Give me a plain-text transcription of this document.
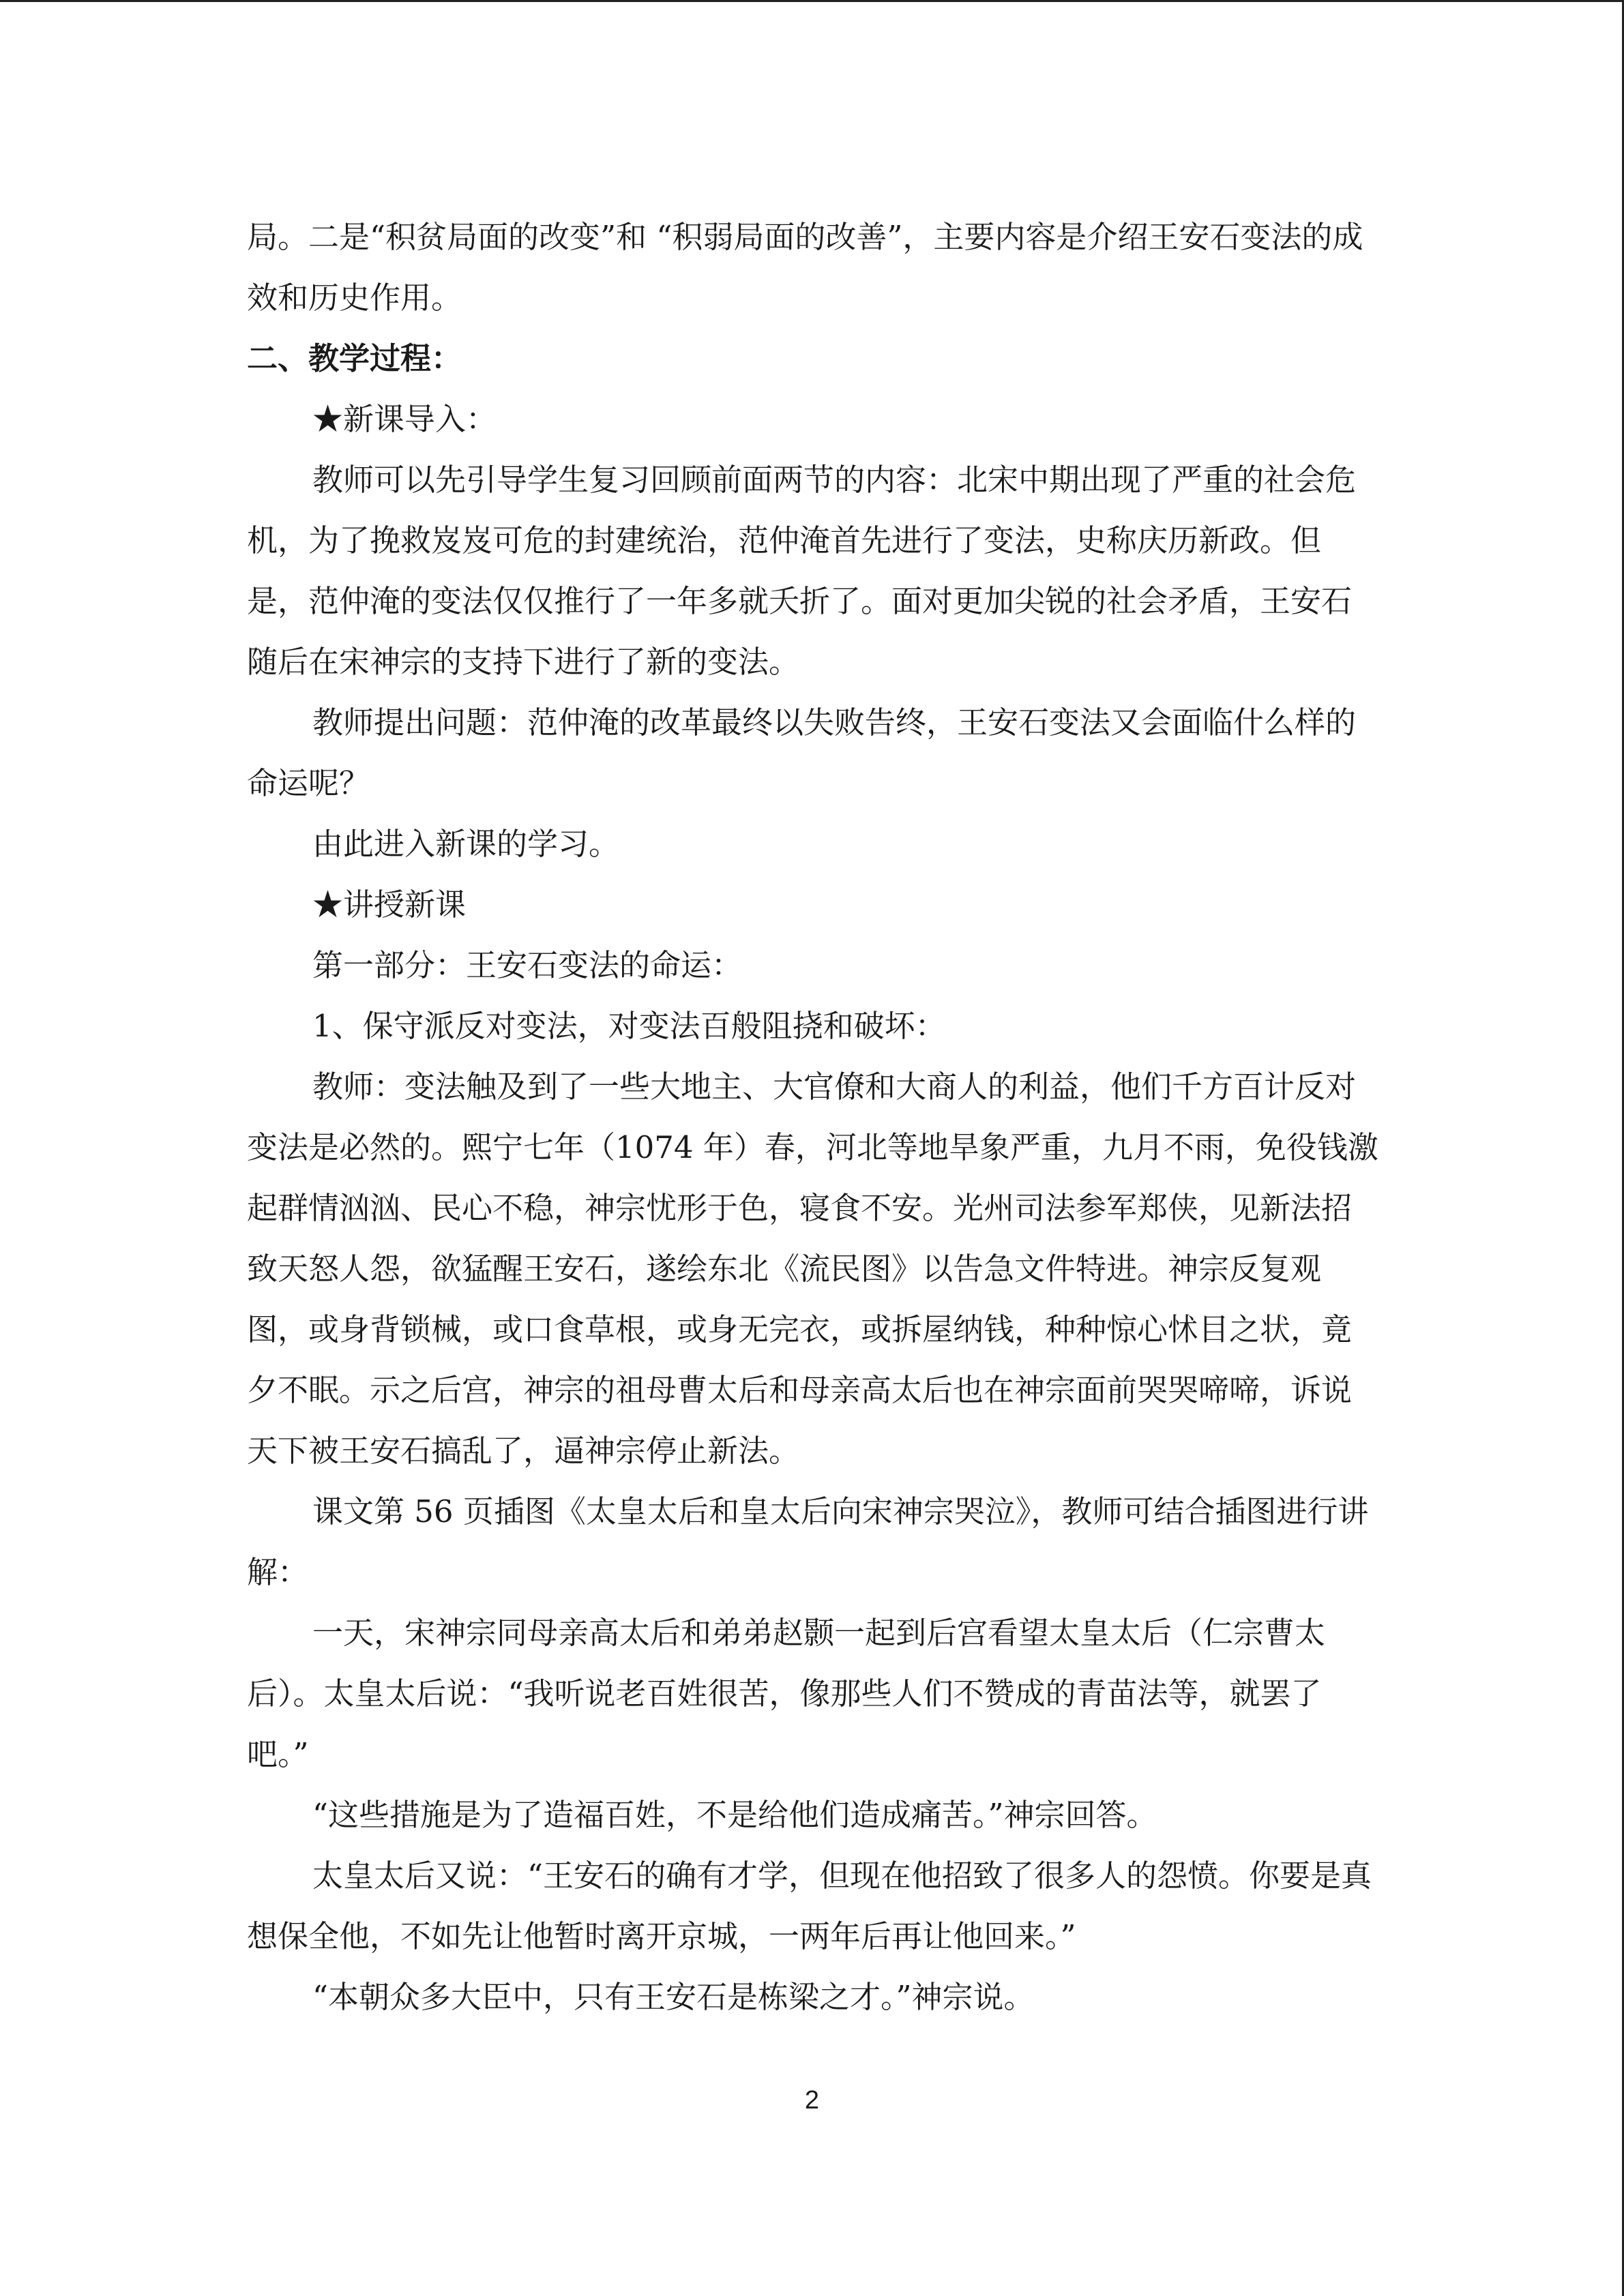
局。二是“积贫局面的改变”和 “积弱局面的改善”，主要内容是介绍王安石变法的成效和历史作用。

二、教学过程：

★新课导入：

教师可以先引导学生复习回顾前面两节的内容：北宋中期出现了严重的社会危机，为了挽救岌岌可危的封建统治，范仲淹首先进行了变法，史称庆历新政。但是，范仲淹的变法仅仅推行了一年多就夭折了。面对更加尖锐的社会矛盾，王安石随后在宋神宗的支持下进行了新的变法。

教师提出问题：范仲淹的改革最终以失败告终，王安石变法又会面临什么样的命运呢？

由此进入新课的学习。

★讲授新课

第一部分：王安石变法的命运：

1、保守派反对变法，对变法百般阻挠和破坏：

教师：变法触及到了一些大地主、大官僚和大商人的利益，他们千方百计反对变法是必然的。熙宁七年（1074 年）春，河北等地旱象严重，九月不雨，免役钱激起群情汹汹、民心不稳，神宗忧形于色，寝食不安。光州司法参军郑侠，见新法招致天怒人怨，欲猛醒王安石，遂绘东北《流民图》以告急文件特进。神宗反复观图，或身背锁械，或口食草根，或身无完衣，或拆屋纳钱，种种惊心怵目之状，竟夕不眠。示之后宫，神宗的祖母曹太后和母亲高太后也在神宗面前哭哭啼啼，诉说天下被王安石搞乱了，逼神宗停止新法。

课文第 56 页插图《太皇太后和皇太后向宋神宗哭泣》，教师可结合插图进行讲解：

一天，宋神宗同母亲高太后和弟弟赵颢一起到后宫看望太皇太后（仁宗曹太后）。太皇太后说：“我听说老百姓很苦，像那些人们不赞成的青苗法等，就罢了吧。”

“这些措施是为了造福百姓，不是给他们造成痛苦。”神宗回答。

太皇太后又说：“王安石的确有才学，但现在他招致了很多人的怨愤。你要是真想保全他，不如先让他暂时离开京城，一两年后再让他回来。”

“本朝众多大臣中，只有王安石是栋梁之才。”神宗说。

2
